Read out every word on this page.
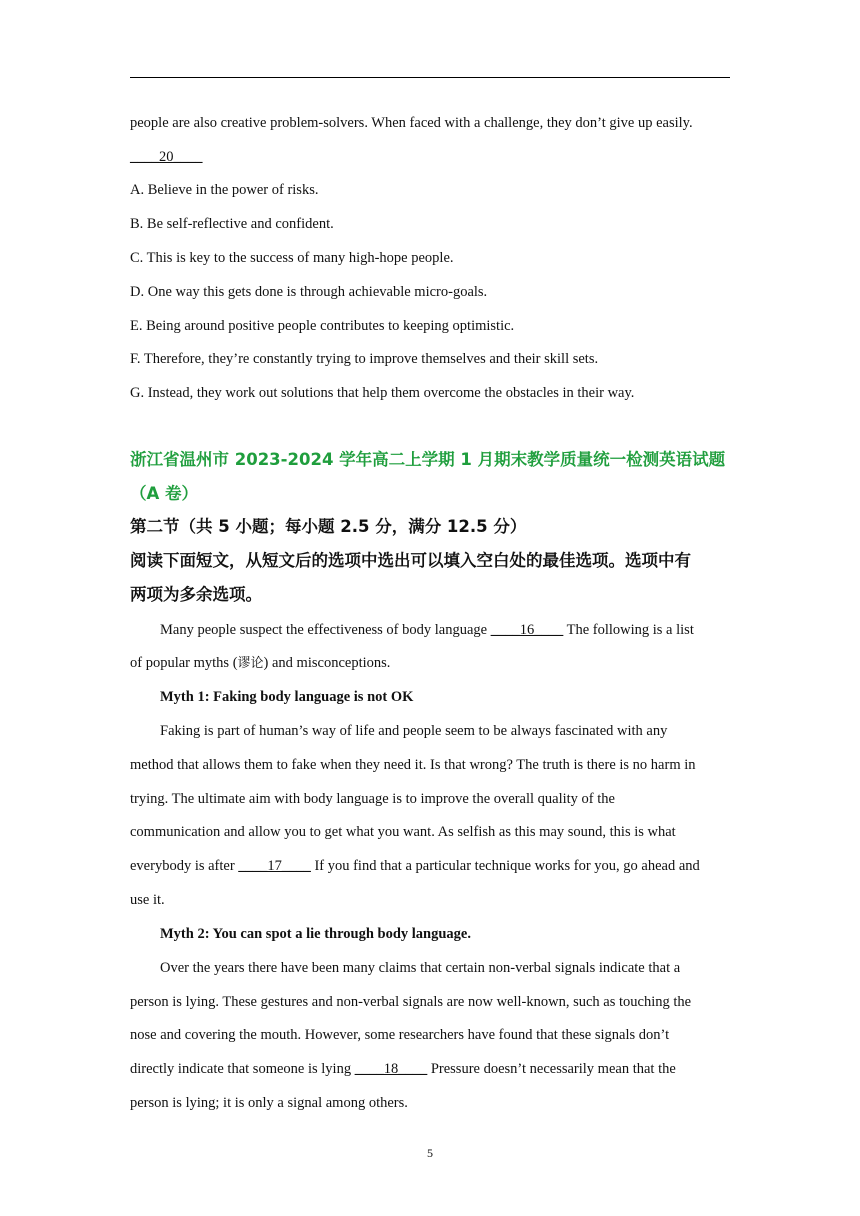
people are also creative problem-solvers. When faced with a challenge, they don’t give up easily.
____20____
A. Believe in the power of risks.
B. Be self-reflective and confident.
C. This is key to the success of many high-hope people.
D. One way this gets done is through achievable micro-goals.
E. Being around positive people contributes to keeping optimistic.
F. Therefore, they’re constantly trying to improve themselves and their skill sets.
G. Instead, they work out solutions that help them overcome the obstacles in their way.
浙江省温州市 2023-2024 学年高二上学期 1 月期末教学质量统一检测英语试题
（A 卷）
第二节（共 5 小题；每小题 2.5 分，满分 12.5 分）
阅读下面短文，从短文后的选项中选出可以填入空白处的最佳选项。选项中有
两项为多余选项。
Many people suspect the effectiveness of body language ____16____ The following is a list
of popular myths (谬论) and misconceptions.
Myth 1: Faking body language is not OK
Faking is part of human’s way of life and people seem to be always fascinated with any
method that allows them to fake when they need it. Is that wrong? The truth is there is no harm in
trying. The ultimate aim with body language is to improve the overall quality of the
communication and allow you to get what you want. As selfish as this may sound, this is what
everybody is after ____17____ If you find that a particular technique works for you, go ahead and
use it.
Myth 2: You can spot a lie through body language.
Over the years there have been many claims that certain non-verbal signals indicate that a
person is lying. These gestures and non-verbal signals are now well-known, such as touching the
nose and covering the mouth. However, some researchers have found that these signals don’t
directly indicate that someone is lying ____18____ Pressure doesn’t necessarily mean that the
person is lying; it is only a signal among others.
5
